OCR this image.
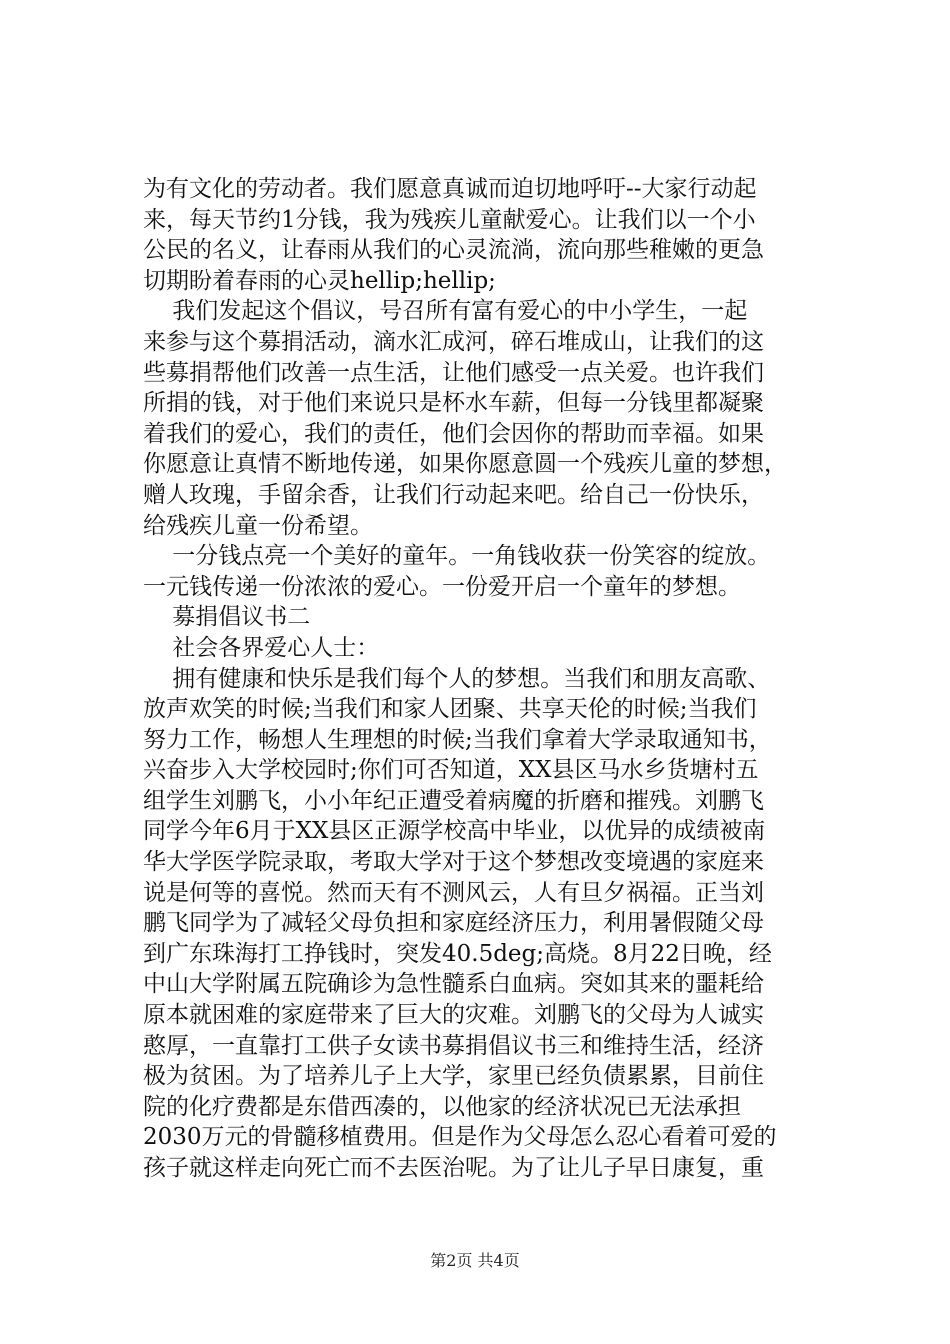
为有文化的劳动者。我们愿意真诚而迫切地呼吁--大家行动起
来，每天节约1分钱，我为残疾儿童献爱心。让我们以一个小
公民的名义，让春雨从我们的心灵流淌，流向那些稚嫩的更急
切期盼着春雨的心灵hellip;hellip;
我们发起这个倡议，号召所有富有爱心的中小学生，一起
来参与这个募捐活动，滴水汇成河，碎石堆成山，让我们的这
些募捐帮他们改善一点生活，让他们感受一点关爱。也许我们
所捐的钱，对于他们来说只是杯水车薪，但每一分钱里都凝聚
着我们的爱心，我们的责任，他们会因你的帮助而幸福。如果
你愿意让真情不断地传递，如果你愿意圆一个残疾儿童的梦想，
赠人玫瑰，手留余香，让我们行动起来吧。给自己一份快乐，
给残疾儿童一份希望。
一分钱点亮一个美好的童年。一角钱收获一份笑容的绽放。
一元钱传递一份浓浓的爱心。一份爱开启一个童年的梦想。
募捐倡议书二
社会各界爱心人士：
拥有健康和快乐是我们每个人的梦想。当我们和朋友高歌、
放声欢笑的时候;当我们和家人团聚、共享天伦的时候;当我们
努力工作，畅想人生理想的时候;当我们拿着大学录取通知书，
兴奋步入大学校园时;你们可否知道，XX县区马水乡货塘村五
组学生刘鹏飞，小小年纪正遭受着病魔的折磨和摧残。刘鹏飞
同学今年6月于XX县区正源学校高中毕业，以优异的成绩被南
华大学医学院录取，考取大学对于这个梦想改变境遇的家庭来
说是何等的喜悦。然而天有不测风云，人有旦夕祸福。正当刘
鹏飞同学为了减轻父母负担和家庭经济压力，利用暑假随父母
到广东珠海打工挣钱时，突发40.5deg;高烧。8月22日晚，经
中山大学附属五院确诊为急性髓系白血病。突如其来的噩耗给
原本就困难的家庭带来了巨大的灾难。刘鹏飞的父母为人诚实
憨厚，一直靠打工供子女读书募捐倡议书三和维持生活，经济
极为贫困。为了培养儿子上大学，家里已经负债累累，目前住
院的化疗费都是东借西凑的，以他家的经济状况已无法承担
2030万元的骨髓移植费用。但是作为父母怎么忍心看着可爱的
孩子就这样走向死亡而不去医治呢。为了让儿子早日康复，重
第2页 共4页
